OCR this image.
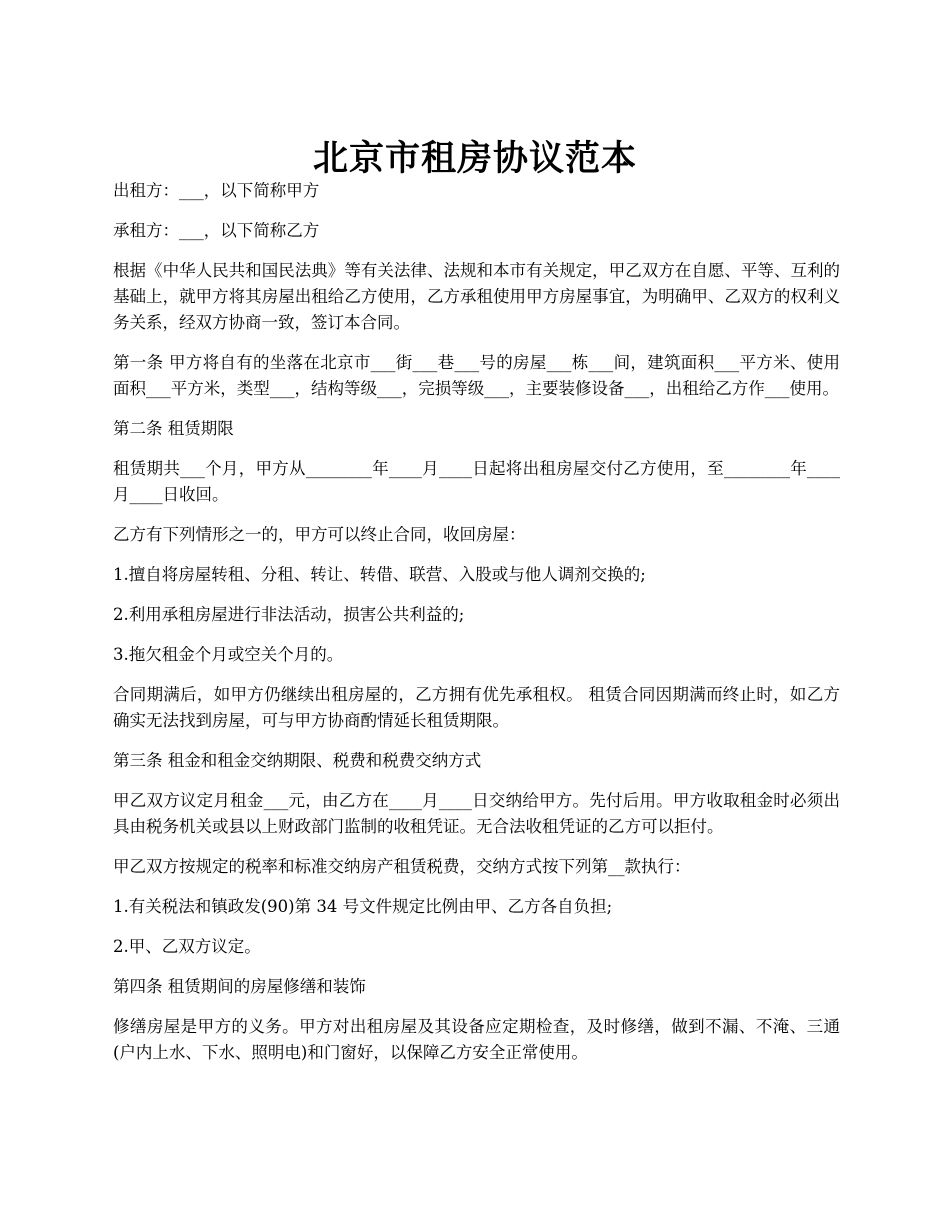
北京市租房协议范本

出租方：___，以下简称甲方

承租方：___，以下简称乙方

根据《中华人民共和国民法典》等有关法律、法规和本市有关规定，甲乙双方在自愿、平等、互利的基础上，就甲方将其房屋出租给乙方使用，乙方承租使用甲方房屋事宜，为明确甲、乙双方的权利义务关系，经双方协商一致，签订本合同。

第一条 甲方将自有的坐落在北京市___街___巷___号的房屋___栋___间，建筑面积___平方米、使用面积___平方米，类型___，结构等级___，完损等级___，主要装修设备___，出租给乙方作___使用。

第二条 租赁期限

租赁期共___个月，甲方从________年____月____日起将出租房屋交付乙方使用，至________年____月____日收回。

乙方有下列情形之一的，甲方可以终止合同，收回房屋：

1.擅自将房屋转租、分租、转让、转借、联营、入股或与他人调剂交换的;

2.利用承租房屋进行非法活动，损害公共利益的;

3.拖欠租金个月或空关个月的。

合同期满后，如甲方仍继续出租房屋的，乙方拥有优先承租权。 租赁合同因期满而终止时，如乙方确实无法找到房屋，可与甲方协商酌情延长租赁期限。

第三条 租金和租金交纳期限、税费和税费交纳方式

甲乙双方议定月租金___元，由乙方在____月____日交纳给甲方。先付后用。甲方收取租金时必须出具由税务机关或县以上财政部门监制的收租凭证。无合法收租凭证的乙方可以拒付。

甲乙双方按规定的税率和标准交纳房产租赁税费，交纳方式按下列第__款执行：

1.有关税法和镇政发(90)第 34 号文件规定比例由甲、乙方各自负担;

2.甲、乙双方议定。

第四条 租赁期间的房屋修缮和装饰

修缮房屋是甲方的义务。甲方对出租房屋及其设备应定期检查，及时修缮，做到不漏、不淹、三通(户内上水、下水、照明电)和门窗好，以保障乙方安全正常使用。
